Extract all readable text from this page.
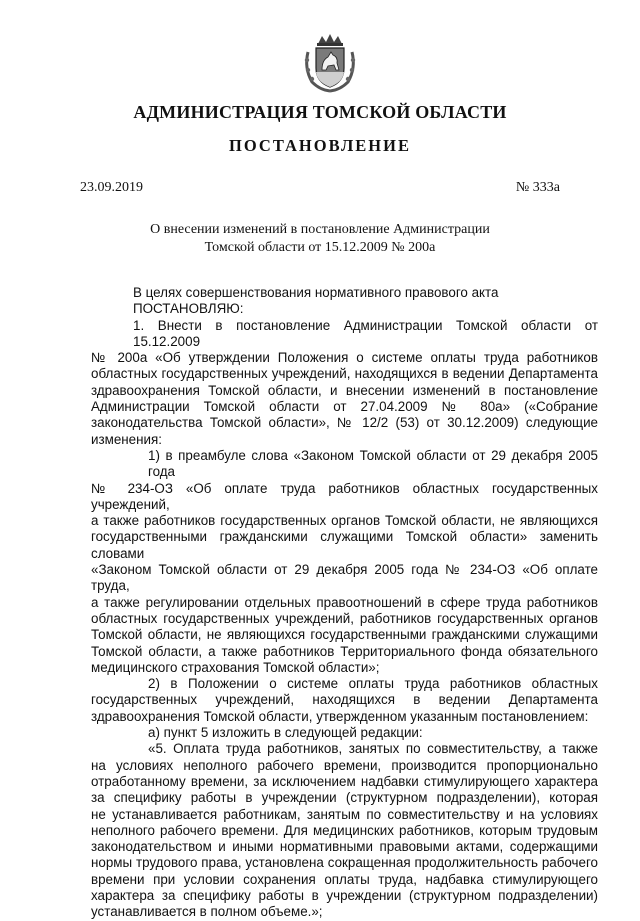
АДМИНИСТРАЦИЯ ТОМСКОЙ ОБЛАСТИ
ПОСТАНОВЛЕНИЕ
23.09.2019	№ 333а
О внесении изменений в постановление Администрации
Томской области от 15.12.2009 № 200а
В целях совершенствования нормативного правового акта
ПОСТАНОВЛЯЮ:
1. Внести в постановление Администрации Томской области от 15.12.2009
№ 200а «Об утверждении Положения о системе оплаты труда работников
областных государственных учреждений, находящихся в ведении Департамента
здравоохранения Томской области, и внесении изменений в постановление
Администрации Томской области от 27.04.2009 № 80а» («Собрание
законодательства Томской области», № 12/2 (53) от 30.12.2009) следующие
изменения:
1) в преамбуле слова «Законом Томской области от 29 декабря 2005 года
№ 234-ОЗ «Об оплате труда работников областных государственных учреждений,
а также работников государственных органов Томской области, не являющихся
государственными гражданскими служащими Томской области» заменить словами
«Законом Томской области от 29 декабря 2005 года № 234-ОЗ «Об оплате труда,
а также регулировании отдельных правоотношений в сфере труда работников
областных государственных учреждений, работников государственных органов
Томской области, не являющихся государственными гражданскими служащими
Томской области, а также работников Территориального фонда обязательного
медицинского страхования Томской области»;
2) в Положении о системе оплаты труда работников областных
государственных учреждений, находящихся в ведении Департамента
здравоохранения Томской области, утвержденном указанным постановлением:
а) пункт 5 изложить в следующей редакции:
«5. Оплата труда работников, занятых по совместительству, а также
на условиях неполного рабочего времени, производится пропорционально
отработанному времени, за исключением надбавки стимулирующего характера
за специфику работы в учреждении (структурном подразделении), которая
не устанавливается работникам, занятым по совместительству и на условиях
неполного рабочего времени. Для медицинских работников, которым трудовым
законодательством и иными нормативными правовыми актами, содержащими
нормы трудового права, установлена сокращенная продолжительность рабочего
времени при условии сохранения оплаты труда, надбавка стимулирующего
характера за специфику работы в учреждении (структурном подразделении)
устанавливается в полном объеме.»;
